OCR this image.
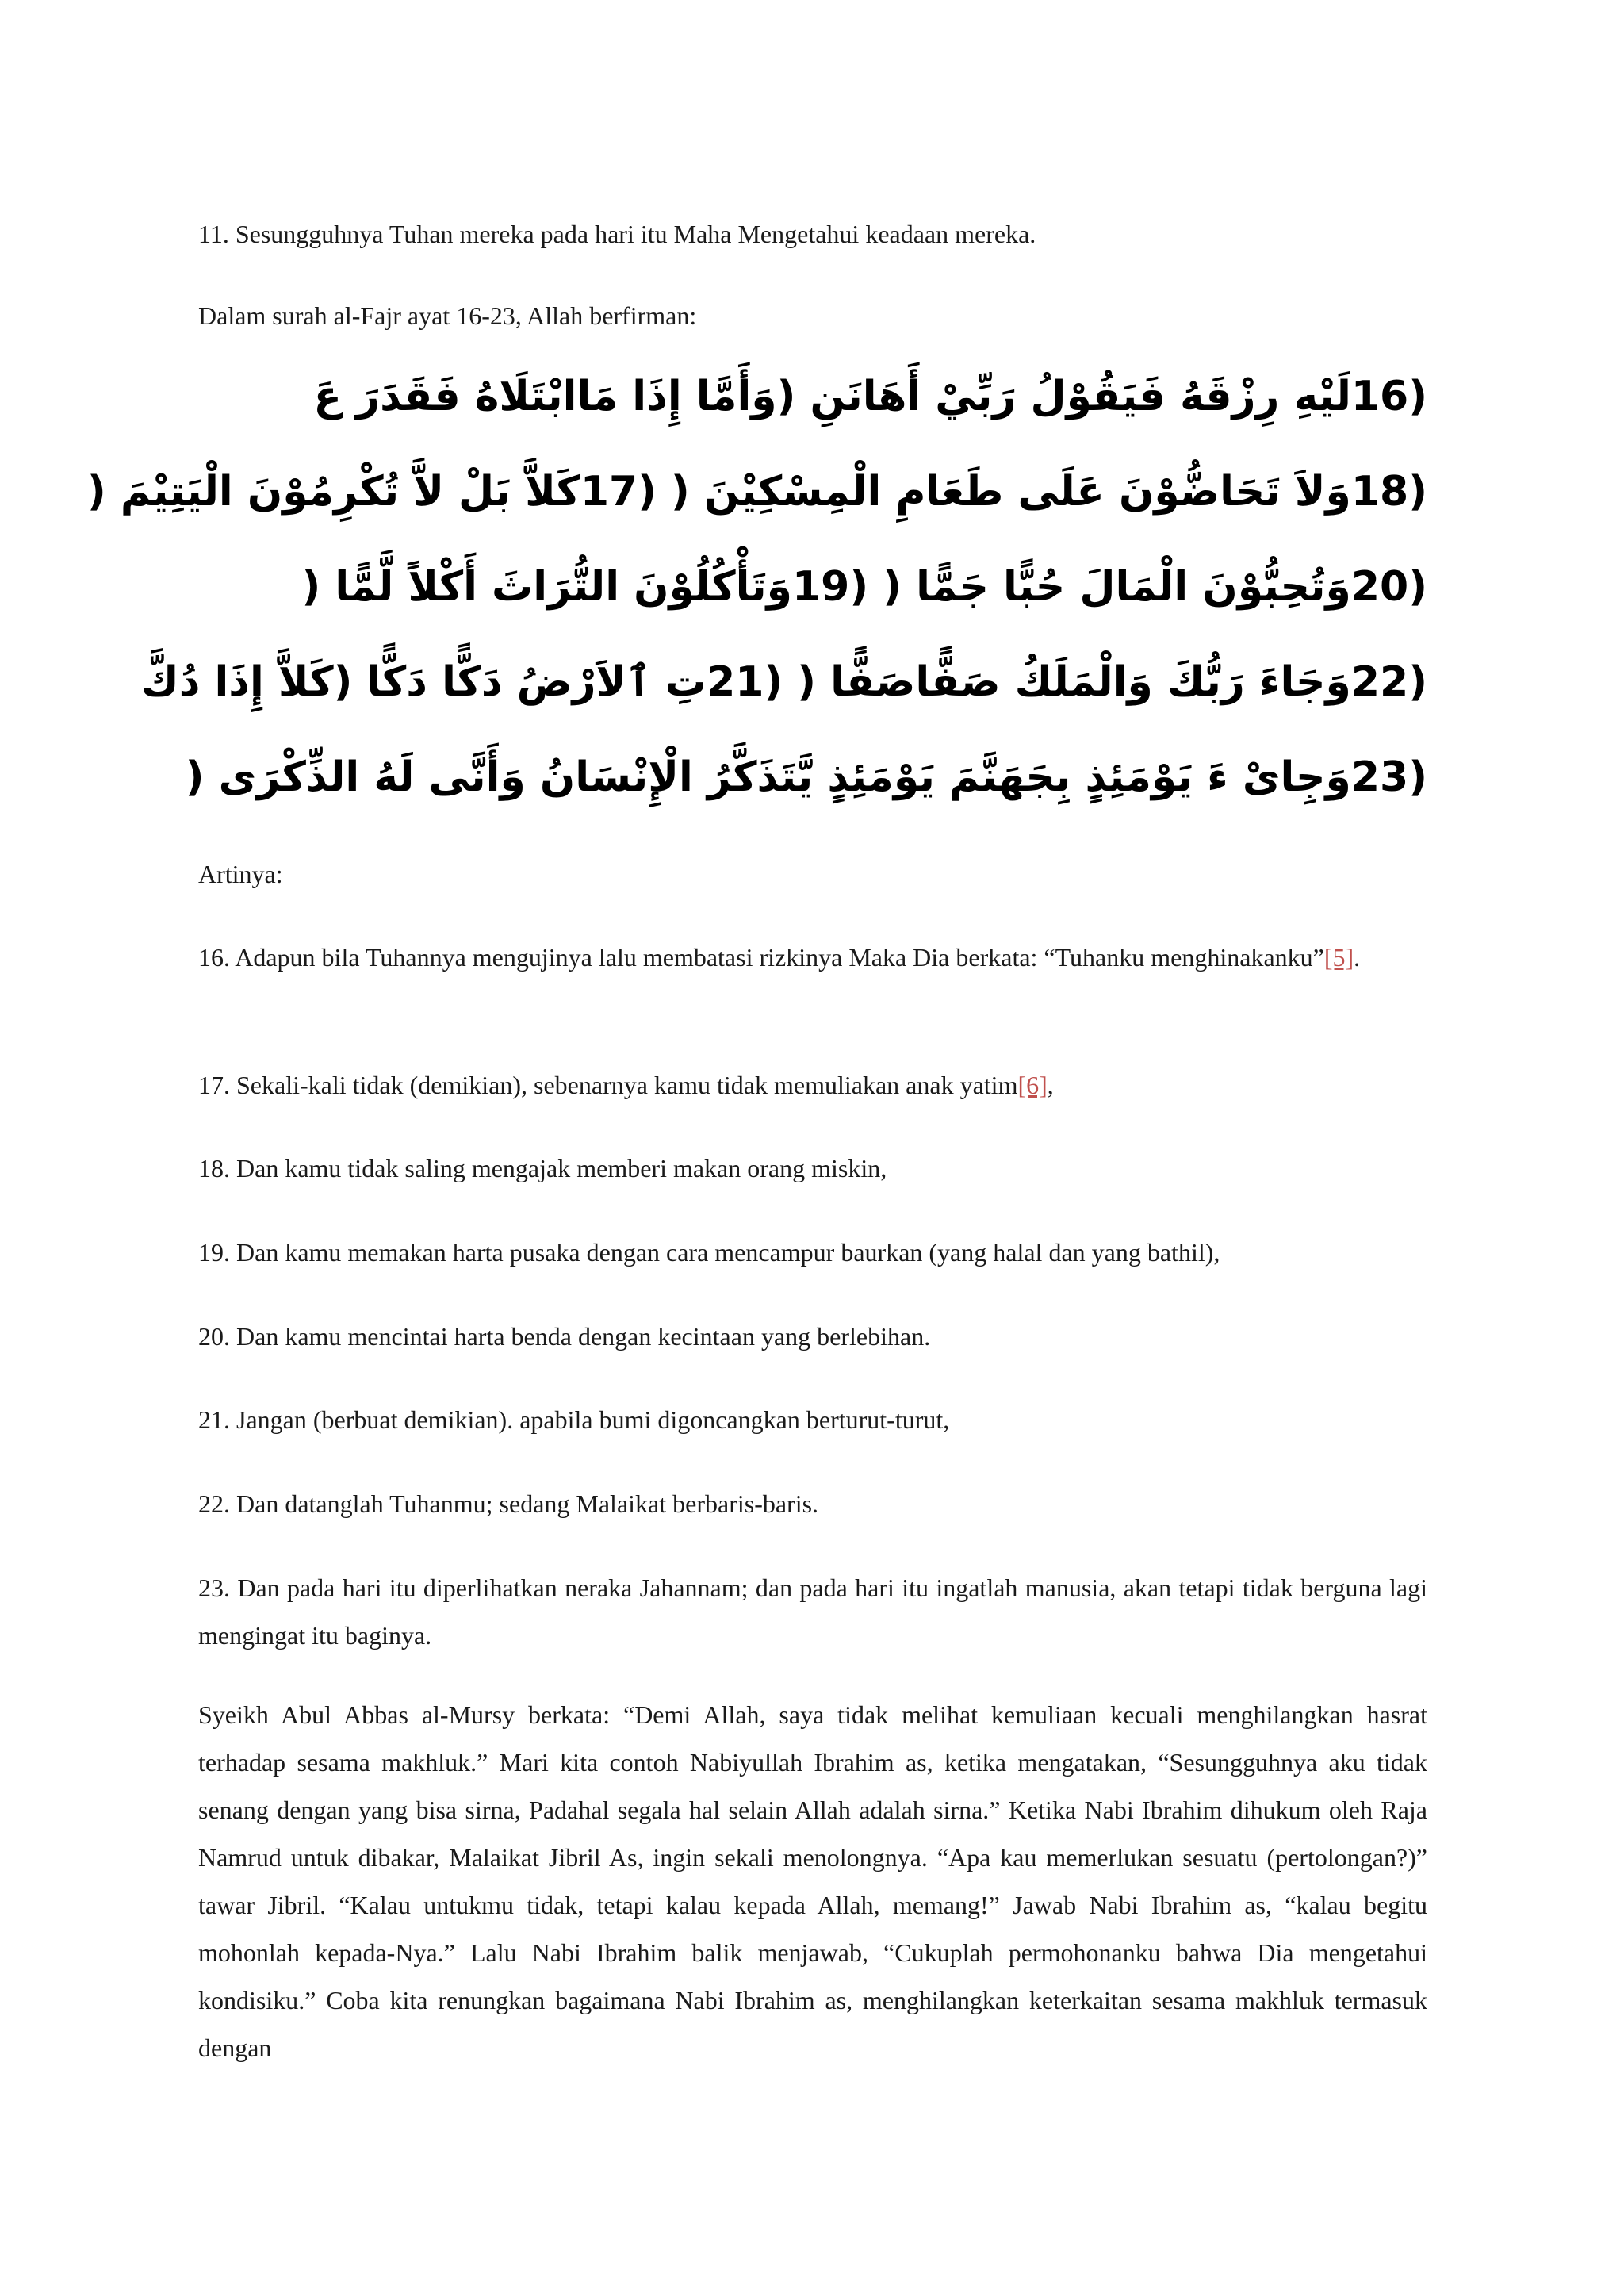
11. Sesungguhnya Tuhan mereka pada hari itu Maha Mengetahui keadaan mereka.

Dalam surah al-Fajr ayat 16-23, Allah berfirman:

(16لَيْهِ رِزْقَهُ فَيَقُوْلُ رَبِّيْ أَهَانَنِ (وَأَمَّا إِذَا مَاابْتَلَاهُ فَقَدَرَ عَ
(18وَلاَ تَحَاضُّوْنَ عَلَى طَعَامِ الْمِسْكِيْنَ ( (17كَلاَّ بَلْ لاَّ تُكْرِمُوْنَ الْيَتِيْمَ (
(20وَتُحِبُّوْنَ الْمَالَ حُبًّا جَمًّا ( (19وَتَأْكُلُوْنَ التُّرَاثَ أَكْلاً لَّمًّا (
(22وَجَاءَ رَبُّكَ وَالْمَلَكُ صَفًّاصَفًّا ( (21تِ ٱلاَرْضُ دَكًّا دَكًّا (كَلاَّ إِذَا دُكَّ
(23وَجِاىْ ءَ يَوْمَئِذٍ بِجَهَنَّمَ يَوْمَئِذٍ يَّتَذَكَّرُ الْإِنْسَانُ وَأَنَّى لَهُ الذِّكْرَى (

Artinya:

16. Adapun bila Tuhannya mengujinya lalu membatasi rizkinya Maka Dia berkata: “Tuhanku menghinakanku”[5].

17. Sekali-kali tidak (demikian), sebenarnya kamu tidak memuliakan anak yatim[6],

18. Dan kamu tidak saling mengajak memberi makan orang miskin,

19. Dan kamu memakan harta pusaka dengan cara mencampur baurkan (yang halal dan yang bathil),

20. Dan kamu mencintai harta benda dengan kecintaan yang berlebihan.

21. Jangan (berbuat demikian). apabila bumi digoncangkan berturut-turut,

22. Dan datanglah Tuhanmu; sedang Malaikat berbaris-baris.

23. Dan pada hari itu diperlihatkan neraka Jahannam; dan pada hari itu ingatlah manusia, akan tetapi tidak berguna lagi mengingat itu baginya.

Syeikh Abul Abbas al-Mursy berkata: “Demi Allah, saya tidak melihat kemuliaan kecuali menghilangkan hasrat terhadap sesama makhluk.” Mari kita contoh Nabiyullah Ibrahim as, ketika mengatakan, “Sesungguhnya aku tidak senang dengan yang bisa sirna, Padahal segala hal selain Allah adalah sirna.” Ketika Nabi Ibrahim dihukum oleh Raja Namrud untuk dibakar, Malaikat Jibril As, ingin sekali menolongnya. “Apa kau memerlukan sesuatu (pertolongan?)” tawar Jibril. “Kalau untukmu tidak, tetapi kalau kepada Allah, memang!” Jawab Nabi Ibrahim as, “kalau begitu mohonlah kepada-Nya.” Lalu Nabi Ibrahim balik menjawab, “Cukuplah permohonanku bahwa Dia mengetahui kondisiku.” Coba kita renungkan bagaimana Nabi Ibrahim as, menghilangkan keterkaitan sesama makhluk termasuk dengan
